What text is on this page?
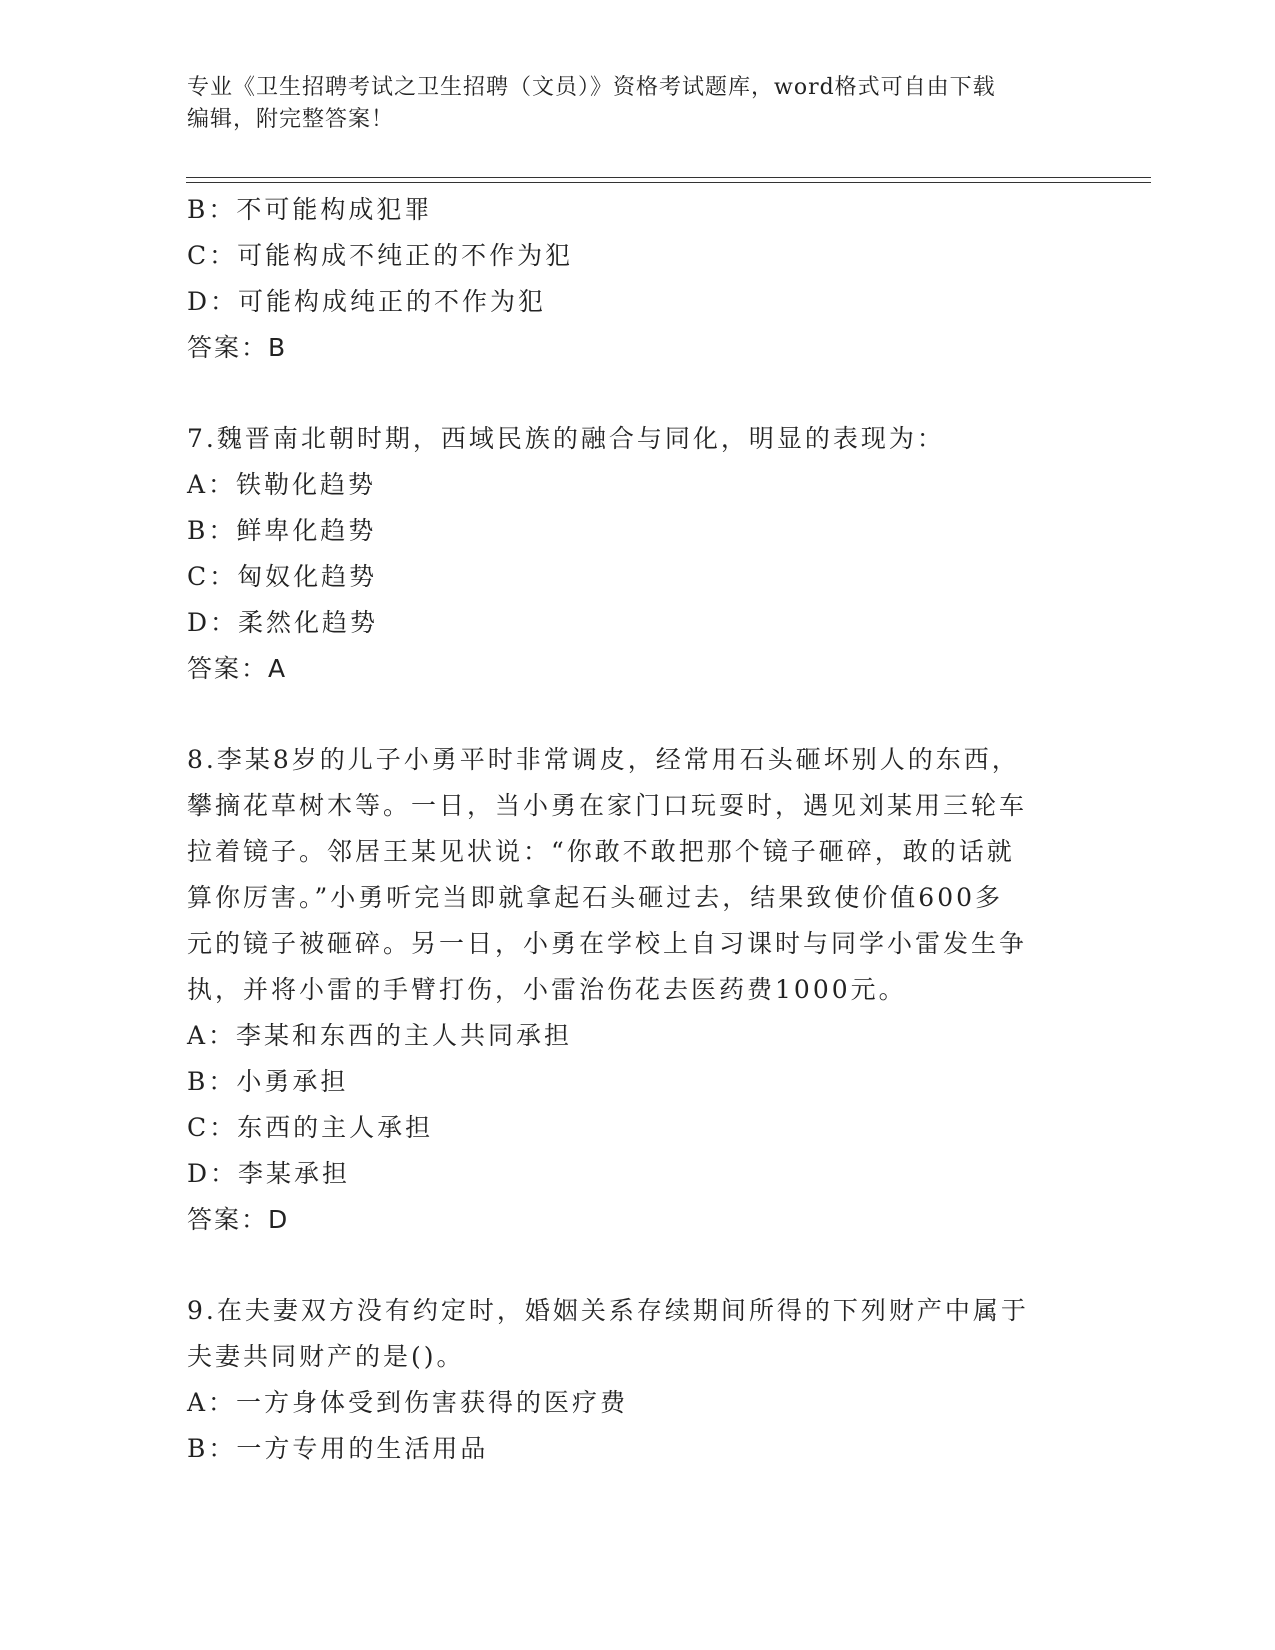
专业《卫生招聘考试之卫生招聘（文员）》资格考试题库，word格式可自由下载
编辑，附完整答案！
B：不可能构成犯罪
C：可能构成不纯正的不作为犯
D：可能构成纯正的不作为犯
答案：B
7.魏晋南北朝时期，西域民族的融合与同化，明显的表现为：
A：铁勒化趋势
B：鲜卑化趋势
C：匈奴化趋势
D：柔然化趋势
答案：A
8.李某8岁的儿子小勇平时非常调皮，经常用石头砸坏别人的东西，
攀摘花草树木等。一日，当小勇在家门口玩耍时，遇见刘某用三轮车
拉着镜子。邻居王某见状说：“你敢不敢把那个镜子砸碎，敢的话就
算你厉害。”小勇听完当即就拿起石头砸过去，结果致使价值600多
元的镜子被砸碎。另一日，小勇在学校上自习课时与同学小雷发生争
执，并将小雷的手臂打伤，小雷治伤花去医药费1000元。
A：李某和东西的主人共同承担
B：小勇承担
C：东西的主人承担
D：李某承担
答案：D
9.在夫妻双方没有约定时，婚姻关系存续期间所得的下列财产中属于
夫妻共同财产的是()。
A：一方身体受到伤害获得的医疗费
B：一方专用的生活用品
